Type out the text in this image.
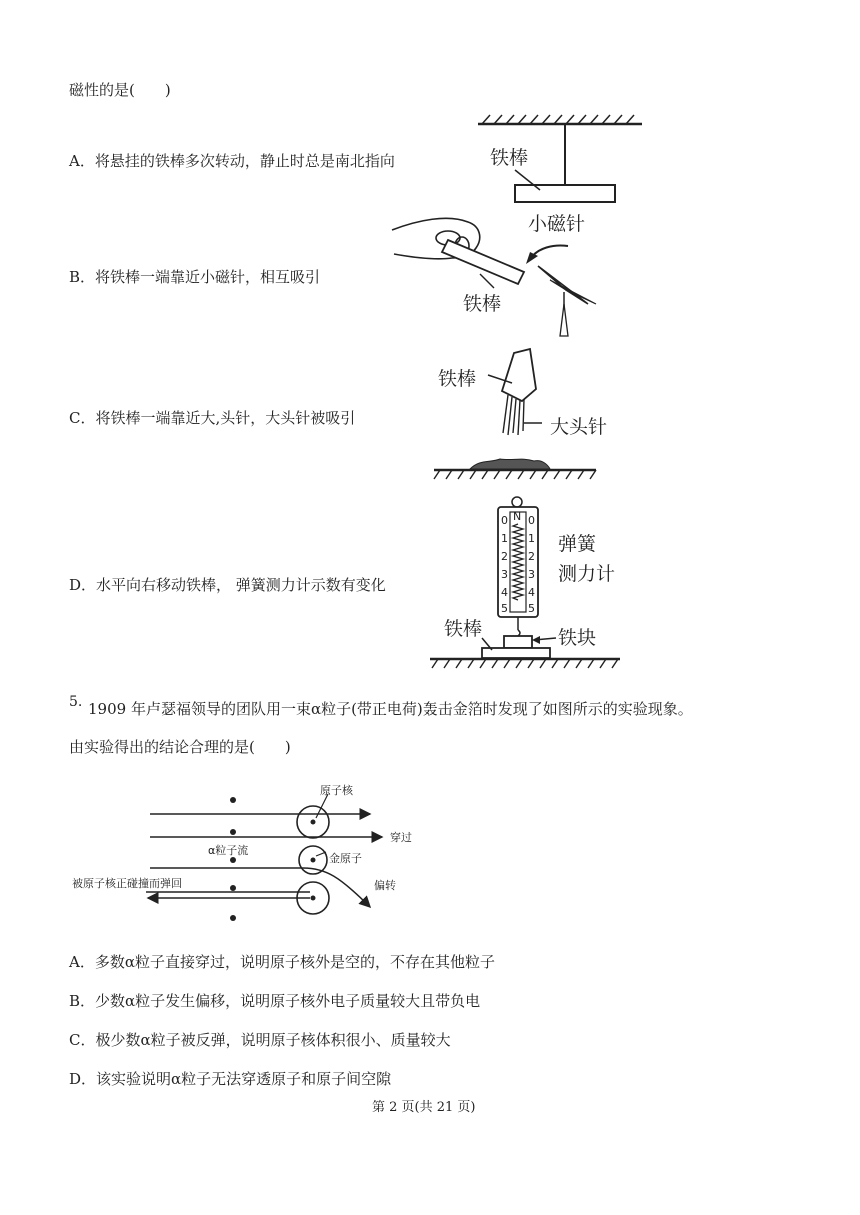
磁性的是(　　)
A．将悬挂的铁棒多次转动，静止时总是南北指向
B．将铁棒一端靠近小磁针，相互吸引
C．将铁棒一端靠近大,头针，大头针被吸引
D．水平向右移动铁棒， 弹簧测力计示数有变化
铁棒
小磁针
铁棒
铁棒
大头针
N
0
1
2
3
4
5
0
1
2
3
4
5
弹簧
测力计
铁棒	铁块
5. 1909 年卢瑟福领导的团队用一束α粒子(带正电荷)轰击金箔时发现了如图所示的实验现象。
由实验得出的结论合理的是(　　)
原子核
穿过
α粒子流
金原子
被原子核正碰撞而弹回	偏转
A．多数α粒子直接穿过，说明原子核外是空的，不存在其他粒子
B．少数α粒子发生偏移，说明原子核外电子质量较大且带负电
C．极少数α粒子被反弹，说明原子核体积很小、质量较大
D．该实验说明α粒子无法穿透原子和原子间空隙
第 2 页(共 21 页)
